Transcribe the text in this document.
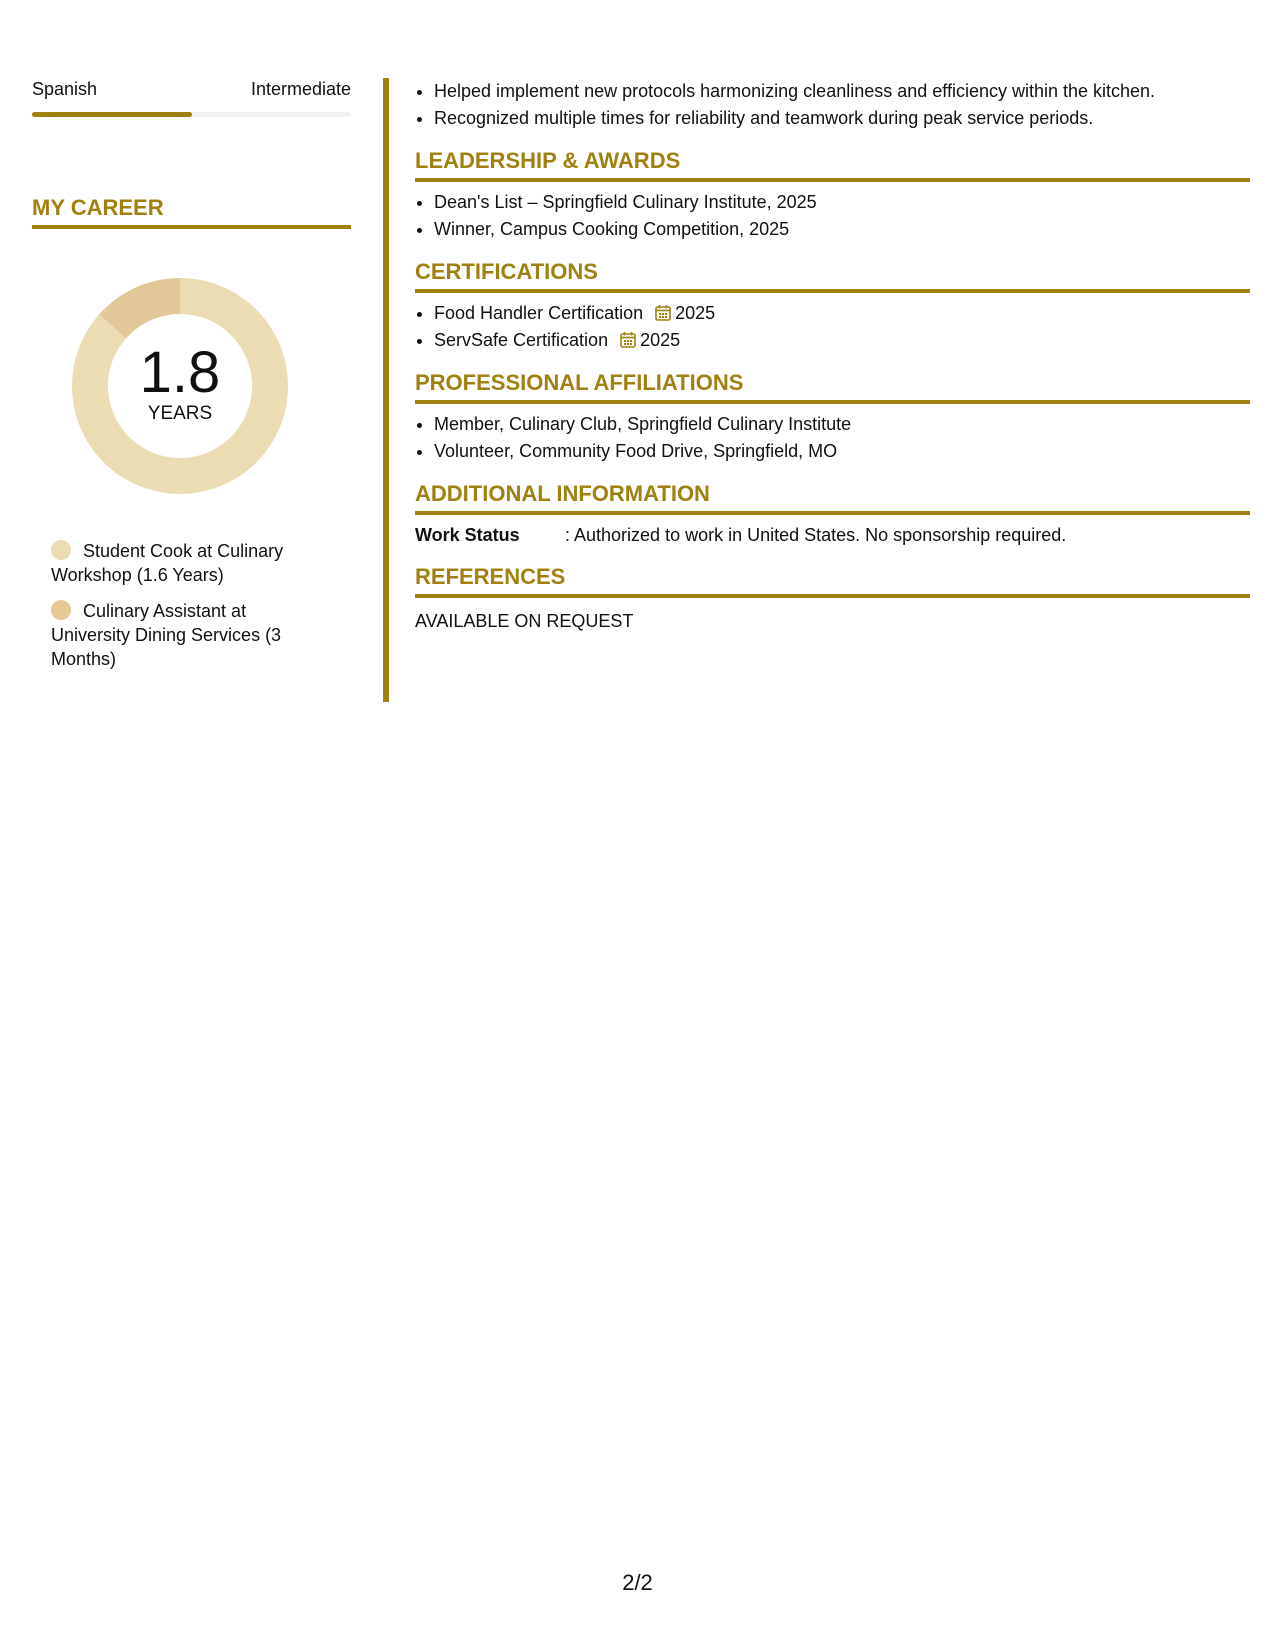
Spanish	Intermediate
MY CAREER
1.8
YEARS
Student Cook at Culinary Workshop (1.6 Years)
Culinary Assistant at University Dining Services (3 Months)
• Helped implement new protocols harmonizing cleanliness and efficiency within the kitchen.
• Recognized multiple times for reliability and teamwork during peak service periods.
LEADERSHIP & AWARDS
• Dean's List – Springfield Culinary Institute, 2025
• Winner, Campus Cooking Competition, 2025
CERTIFICATIONS
• Food Handler Certification 2025
• ServSafe Certification 2025
PROFESSIONAL AFFILIATIONS
• Member, Culinary Club, Springfield Culinary Institute
• Volunteer, Community Food Drive, Springfield, MO
ADDITIONAL INFORMATION
Work Status	: Authorized to work in United States. No sponsorship required.
REFERENCES
AVAILABLE ON REQUEST
2/2
